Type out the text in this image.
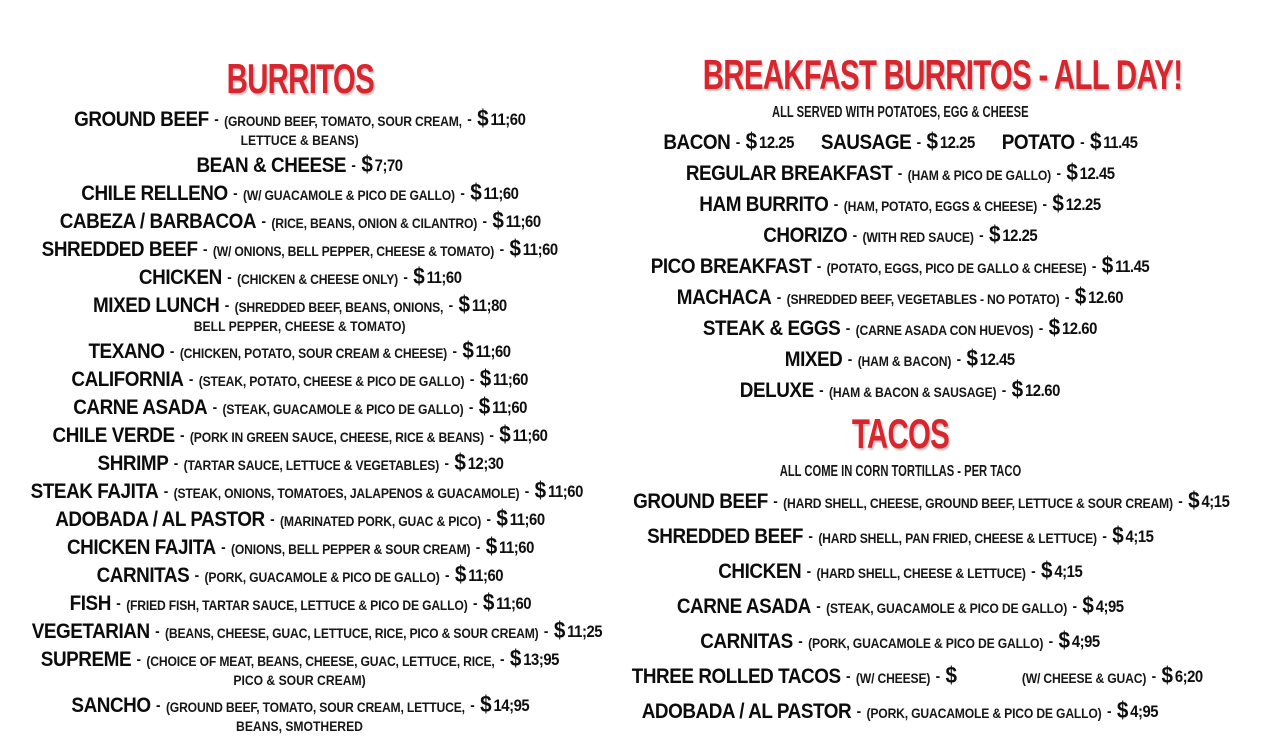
BURRITOS
GROUND BEEF - (GROUND BEEF, TOMATO, SOUR CREAM, - $ 11;60
LETTUCE & BEANS)
BEAN & CHEESE - $ 7;70
CHILE RELLENO - (W/ GUACAMOLE & PICO DE GALLO) - $ 11;60
CABEZA / BARBACOA - (RICE, BEANS, ONION & CILANTRO) - $ 11;60
SHREDDED BEEF - (W/ ONIONS, BELL PEPPER, CHEESE & TOMATO) - $ 11;60
CHICKEN - (CHICKEN & CHEESE ONLY) - $ 11;60
MIXED LUNCH - (SHREDDED BEEF, BEANS, ONIONS, - $ 11;80
BELL PEPPER, CHEESE & TOMATO)
TEXANO - (CHICKEN, POTATO, SOUR CREAM & CHEESE) - $ 11;60
CALIFORNIA - (STEAK, POTATO, CHEESE & PICO DE GALLO) - $ 11;60
CARNE ASADA - (STEAK, GUACAMOLE & PICO DE GALLO) - $ 11;60
CHILE VERDE - (PORK IN GREEN SAUCE, CHEESE, RICE & BEANS) - $ 11;60
SHRIMP - (TARTAR SAUCE, LETTUCE & VEGETABLES) - $ 12;30
STEAK FAJITA - (STEAK, ONIONS, TOMATOES, JALAPENOS & GUACAMOLE) - $ 11;60
ADOBADA / AL PASTOR - (MARINATED PORK, GUAC & PICO) - $ 11;60
CHICKEN FAJITA - (ONIONS, BELL PEPPER & SOUR CREAM) - $ 11;60
CARNITAS - (PORK, GUACAMOLE & PICO DE GALLO) - $ 11;60
FISH - (FRIED FISH, TARTAR SAUCE, LETTUCE & PICO DE GALLO) - $ 11;60
VEGETARIAN - (BEANS, CHEESE, GUAC, LETTUCE, RICE, PICO & SOUR CREAM) - $ 11;25
SUPREME - (CHOICE OF MEAT, BEANS, CHEESE, GUAC, LETTUCE, RICE, - $ 13;95
PICO & SOUR CREAM)
SANCHO - (GROUND BEEF, TOMATO, SOUR CREAM, LETTUCE, - $ 14;95
BEANS, SMOTHERED
BREAKFAST BURRITOS - ALL DAY!
ALL SERVED WITH POTATOES, EGG & CHEESE
BACON - $ 12.25 SAUSAGE - $ 12.25 POTATO - $ 11.45
REGULAR BREAKFAST - (HAM & PICO DE GALLO) - $ 12.45
HAM BURRITO - (HAM, POTATO, EGGS & CHEESE) - $ 12.25
CHORIZO - (WITH RED SAUCE) - $ 12.25
PICO BREAKFAST - (POTATO, EGGS, PICO DE GALLO & CHEESE) - $ 11.45
MACHACA - (SHREDDED BEEF, VEGETABLES - NO POTATO) - $ 12.60
STEAK & EGGS - (CARNE ASADA CON HUEVOS) - $ 12.60
MIXED - (HAM & BACON) - $ 12.45
DELUXE - (HAM & BACON & SAUSAGE) - $ 12.60
TACOS
ALL COME IN CORN TORTILLAS - PER TACO
GROUND BEEF - (HARD SHELL, CHEESE, GROUND BEEF, LETTUCE & SOUR CREAM) - $ 4;15
SHREDDED BEEF - (HARD SHELL, PAN FRIED, CHEESE & LETTUCE) - $ 4;15
CHICKEN - (HARD SHELL, CHEESE & LETTUCE) - $ 4;15
CARNE ASADA - (STEAK, GUACAMOLE & PICO DE GALLO) - $ 4;95
CARNITAS - (PORK, GUACAMOLE & PICO DE GALLO) - $ 4;95
THREE ROLLED TACOS - (W/ CHEESE) - $	(W/ CHEESE & GUAC) - $ 6;20
ADOBADA / AL PASTOR - (PORK, GUACAMOLE & PICO DE GALLO) - $ 4;95
